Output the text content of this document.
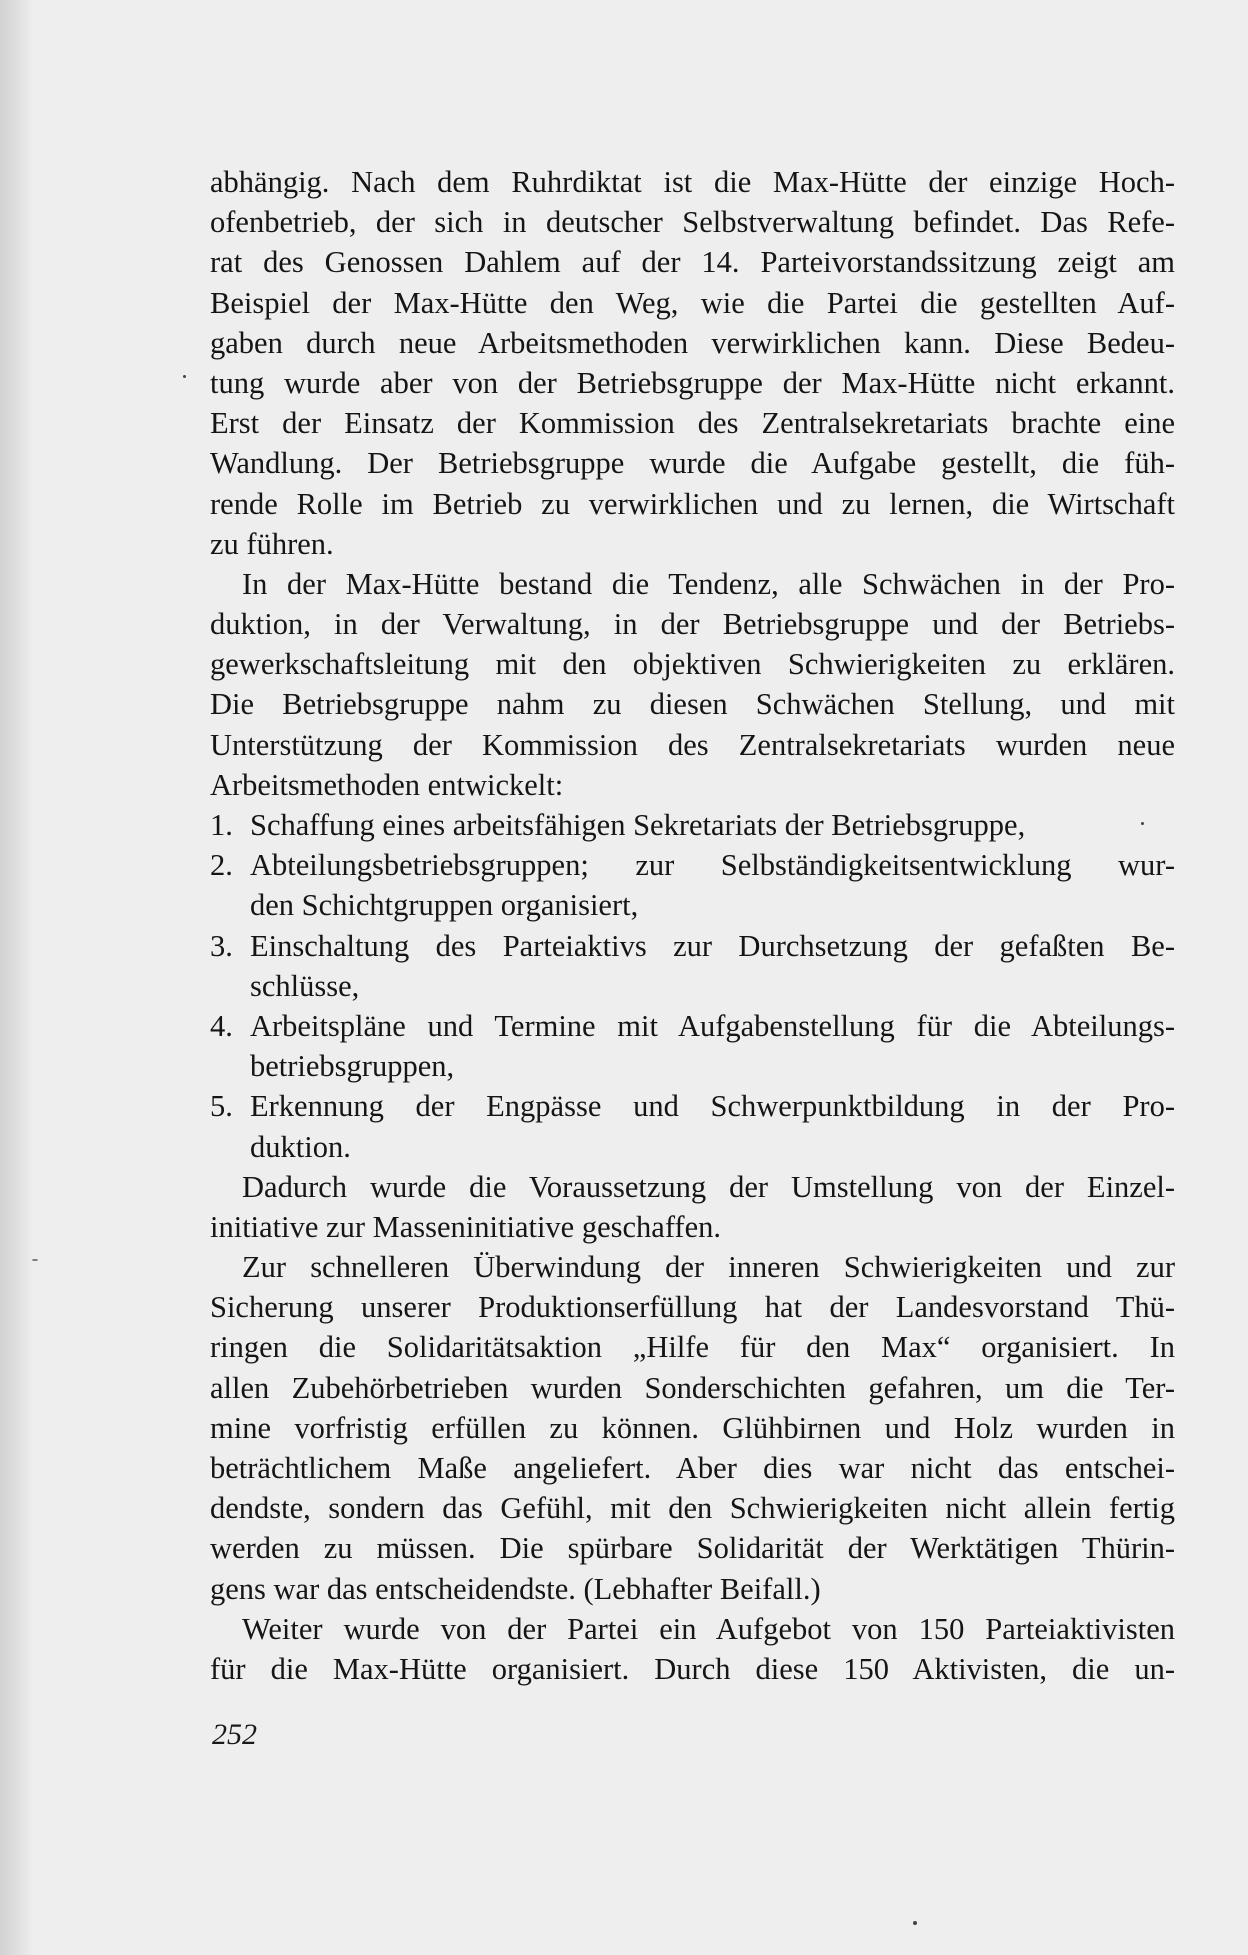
abhängig. Nach dem Ruhrdiktat ist die Max-Hütte der einzige Hoch-
ofenbetrieb, der sich in deutscher Selbstverwaltung befindet. Das Refe-
rat des Genossen Dahlem auf der 14. Parteivorstandssitzung zeigt am
Beispiel der Max-Hütte den Weg, wie die Partei die gestellten Auf-
gaben durch neue Arbeitsmethoden verwirklichen kann. Diese Bedeu-
tung wurde aber von der Betriebsgruppe der Max-Hütte nicht erkannt.
Erst der Einsatz der Kommission des Zentralsekretariats brachte eine
Wandlung. Der Betriebsgruppe wurde die Aufgabe gestellt, die füh-
rende Rolle im Betrieb zu verwirklichen und zu lernen, die Wirtschaft
zu führen.
In der Max-Hütte bestand die Tendenz, alle Schwächen in der Pro-
duktion, in der Verwaltung, in der Betriebsgruppe und der Betriebs-
gewerkschaftsleitung mit den objektiven Schwierigkeiten zu erklären.
Die Betriebsgruppe nahm zu diesen Schwächen Stellung, und mit
Unterstützung der Kommission des Zentralsekretariats wurden neue
Arbeitsmethoden entwickelt:
1. Schaffung eines arbeitsfähigen Sekretariats der Betriebsgruppe,
2. Abteilungsbetriebsgruppen; zur Selbständigkeitsentwicklung wur-
den Schichtgruppen organisiert,
3. Einschaltung des Parteiaktivs zur Durchsetzung der gefaßten Be-
schlüsse,
4. Arbeitspläne und Termine mit Aufgabenstellung für die Abteilungs-
betriebsgruppen,
5. Erkennung der Engpässe und Schwerpunktbildung in der Pro-
duktion.
Dadurch wurde die Voraussetzung der Umstellung von der Einzel-
initiative zur Masseninitiative geschaffen.
Zur schnelleren Überwindung der inneren Schwierigkeiten und zur
Sicherung unserer Produktionserfüllung hat der Landesvorstand Thü-
ringen die Solidaritätsaktion „Hilfe für den Max“ organisiert. In
allen Zubehörbetrieben wurden Sonderschichten gefahren, um die Ter-
mine vorfristig erfüllen zu können. Glühbirnen und Holz wurden in
beträchtlichem Maße angeliefert. Aber dies war nicht das entschei-
dendste, sondern das Gefühl, mit den Schwierigkeiten nicht allein fertig
werden zu müssen. Die spürbare Solidarität der Werktätigen Thürin-
gens war das entscheidendste. (Lebhafter Beifall.)
Weiter wurde von der Partei ein Aufgebot von 150 Parteiaktivisten
für die Max-Hütte organisiert. Durch diese 150 Aktivisten, die un-
252
